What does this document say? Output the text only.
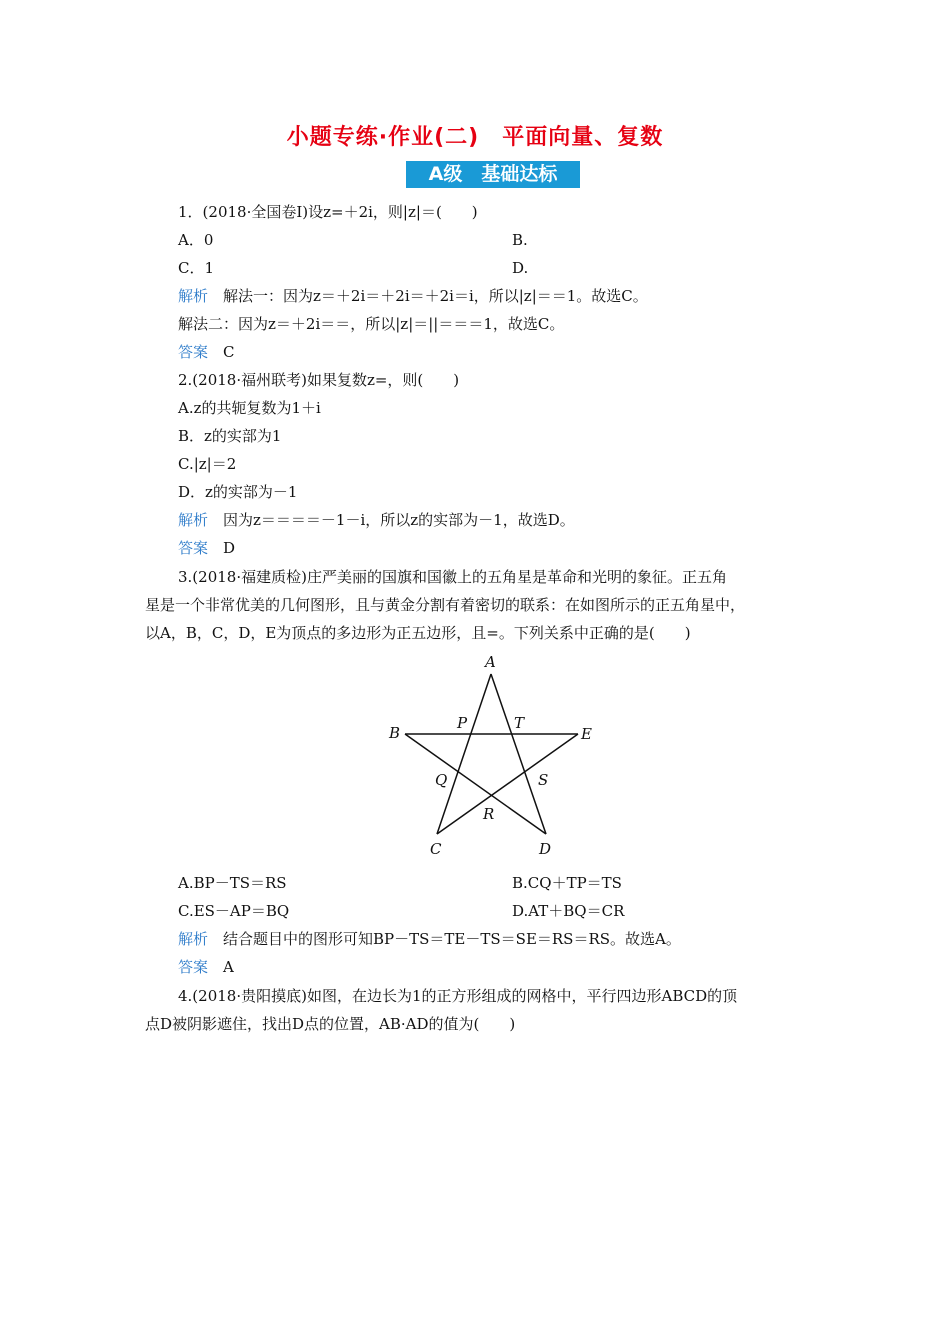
小题专练·作业(二)　平面向量、复数
A级　基础达标
1．(2018·全国卷Ⅰ)设z=＋2i，则|z|＝(　　)
A．0	B.
C．1	D.
解析　 解法一：因为z＝＋2i＝＋2i＝＋2i＝i，所以|z|＝＝1。故选C。
解法二：因为z＝＋2i＝＝，所以|z|＝||＝＝＝1，故选C。
答案　 C
2.(2018·福州联考)如果复数z=，则(　　)
A.z的共轭复数为1＋i
B．z的实部为1
C.|z|＝2
D．z的实部为－1
解析　 因为z＝＝＝＝－1－i，所以z的实部为－1，故选D。
答案　 D
3.(2018·福建质检)庄严美丽的国旗和国徽上的五角星是革命和光明的象征。正五角
星是一个非常优美的几何图形，且与黄金分割有着密切的联系：在如图所示的正五角星中，
以A，B，C，D，E为顶点的多边形为正五边形，且=。下列关系中正确的是(　　)
A
B
C	D
E
P	T
Q	S
R
A.BP－TS＝RS	B.CQ＋TP＝TS
C.ES－AP＝BQ	D.AT＋BQ＝CR
解析　 结合题目中的图形可知BP－TS＝TE－TS＝SE＝RS＝RS。故选A。
答案　 A
4.(2018·贵阳摸底)如图，在边长为1的正方形组成的网格中，平行四边形ABCD的顶
点D被阴影遮住，找出D点的位置，AB·AD的值为(　　)
